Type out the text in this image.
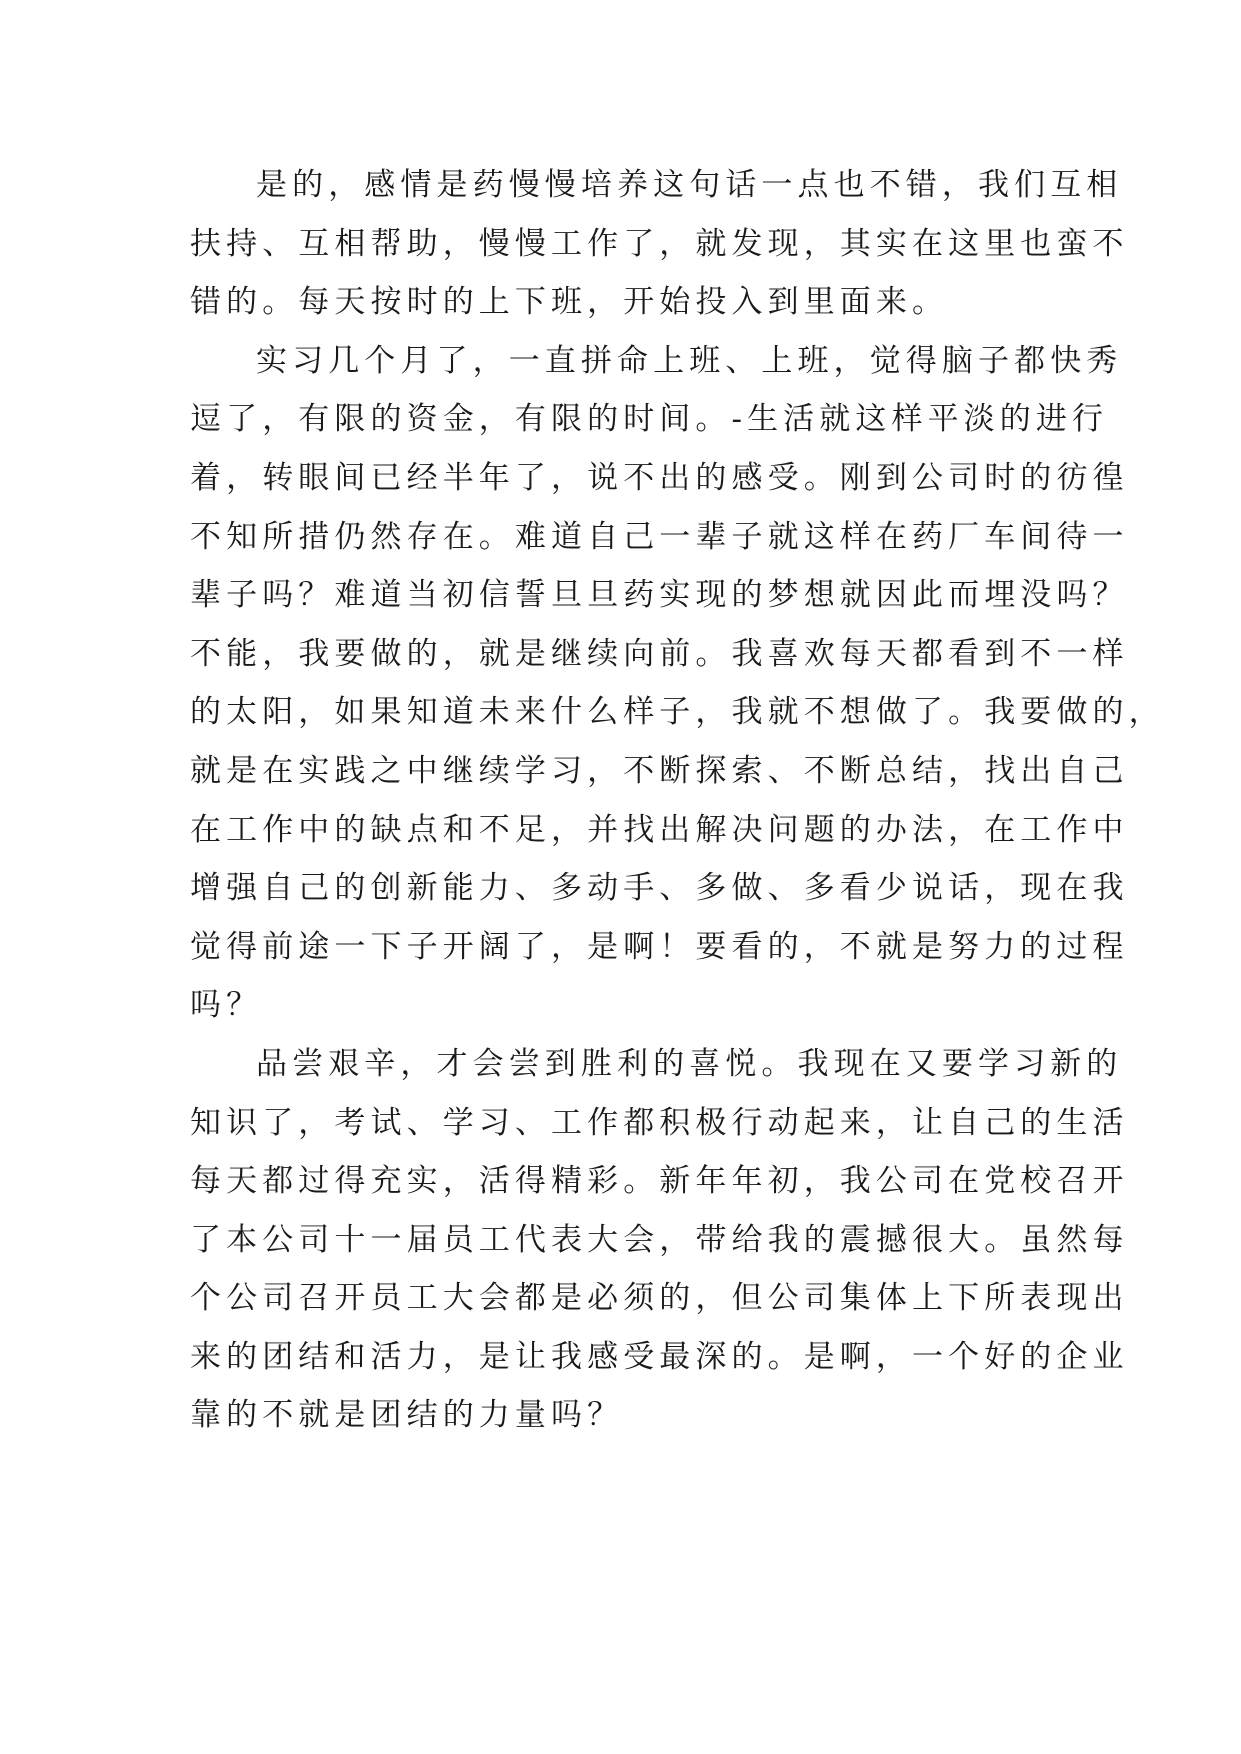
是的，感情是药慢慢培养这句话一点也不错，我们互相
扶持、互相帮助，慢慢工作了，就发现，其实在这里也蛮不
错的。每天按时的上下班，开始投入到里面来。

实习几个月了，一直拼命上班、上班，觉得脑子都快秀
逗了，有限的资金，有限的时间。-生活就这样平淡的进行
着，转眼间已经半年了，说不出的感受。刚到公司时的彷徨
不知所措仍然存在。难道自己一辈子就这样在药厂车间待一
辈子吗？难道当初信誓旦旦药实现的梦想就因此而埋没吗？
不能，我要做的，就是继续向前。我喜欢每天都看到不一样
的太阳，如果知道未来什么样子，我就不想做了。我要做的，
就是在实践之中继续学习，不断探索、不断总结，找出自己
在工作中的缺点和不足，并找出解决问题的办法，在工作中
增强自己的创新能力、多动手、多做、多看少说话，现在我
觉得前途一下子开阔了，是啊！要看的，不就是努力的过程
吗？

品尝艰辛，才会尝到胜利的喜悦。我现在又要学习新的
知识了，考试、学习、工作都积极行动起来，让自己的生活
每天都过得充实，活得精彩。新年年初，我公司在党校召开
了本公司十一届员工代表大会，带给我的震撼很大。虽然每
个公司召开员工大会都是必须的，但公司集体上下所表现出
来的团结和活力，是让我感受最深的。是啊，一个好的企业
靠的不就是团结的力量吗？
